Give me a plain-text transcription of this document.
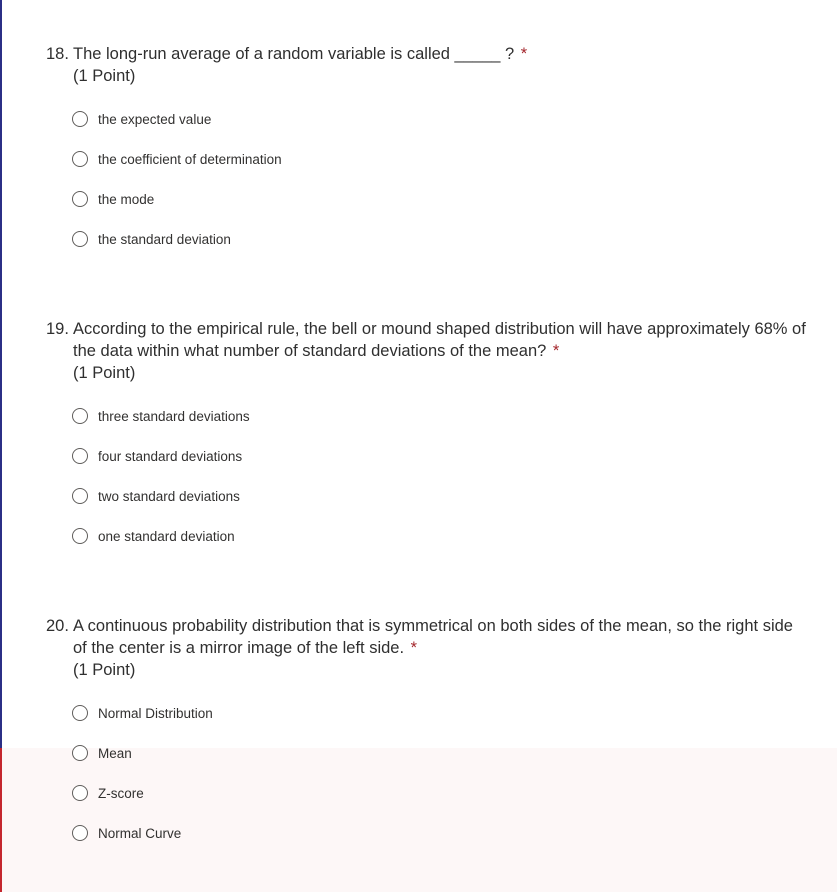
18. The long-run average of a random variable is called _____ ? *
(1 Point)
the expected value
the coefficient of determination
the mode
the standard deviation
19. According to the empirical rule, the bell or mound shaped distribution will have approximately 68% of the data within what number of standard deviations of the mean? *
(1 Point)
three standard deviations
four standard deviations
two standard deviations
one standard deviation
20. A continuous probability distribution that is symmetrical on both sides of the mean, so the right side of the center is a mirror image of the left side. *
(1 Point)
Normal Distribution
Mean
Z-score
Normal Curve
